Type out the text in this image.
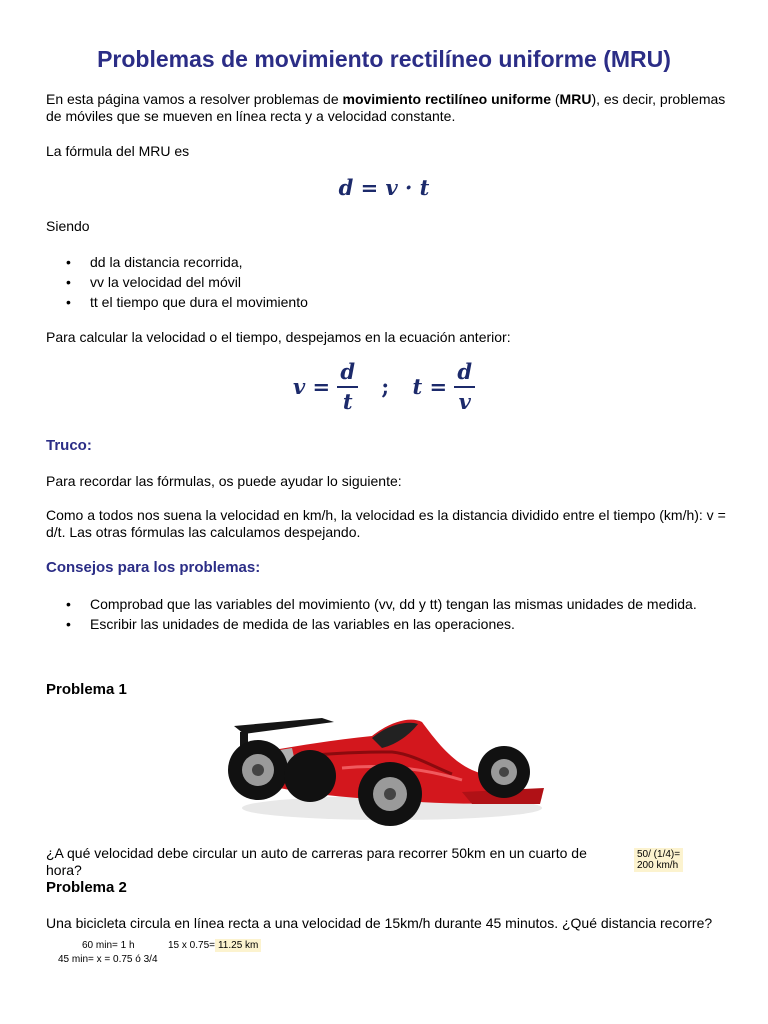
Problemas de movimiento rectilíneo uniforme (MRU)
En esta página vamos a resolver problemas de movimiento rectilíneo uniforme (MRU), es decir, problemas de móviles que se mueven en línea recta y a velocidad constante.
La fórmula del MRU es
d = v · t
Siendo
• dd la distancia recorrida,
• vv la velocidad del móvil
• tt el tiempo que dura el movimiento
Para calcular la velocidad o el tiempo, despejamos en la ecuación anterior:
$v = \frac{d}{t}$ ; $t = \frac{d}{v}$
Truco:
Para recordar las fórmulas, os puede ayudar lo siguiente:
Como a todos nos suena la velocidad en km/h, la velocidad es la distancia dividido entre el tiempo (km/h): v = d/t. Las otras fórmulas las calculamos despejando.
Consejos para los problemas:
• Comprobad que las variables del movimiento (vv, dd y tt) tengan las mismas unidades de medida.
• Escribir las unidades de medida de las variables en las operaciones.
Problema 1
¿A qué velocidad debe circular un auto de carreras para recorrer 50km en un cuarto de hora?
50/ (1/4)=
200 km/h
Problema 2
Una bicicleta circula en línea recta a una velocidad de 15km/h durante 45 minutos. ¿Qué distancia recorre?
60 min= 1 h
45 min= x = 0.75 ó 3/4
15 x 0.75= 11.25 km
